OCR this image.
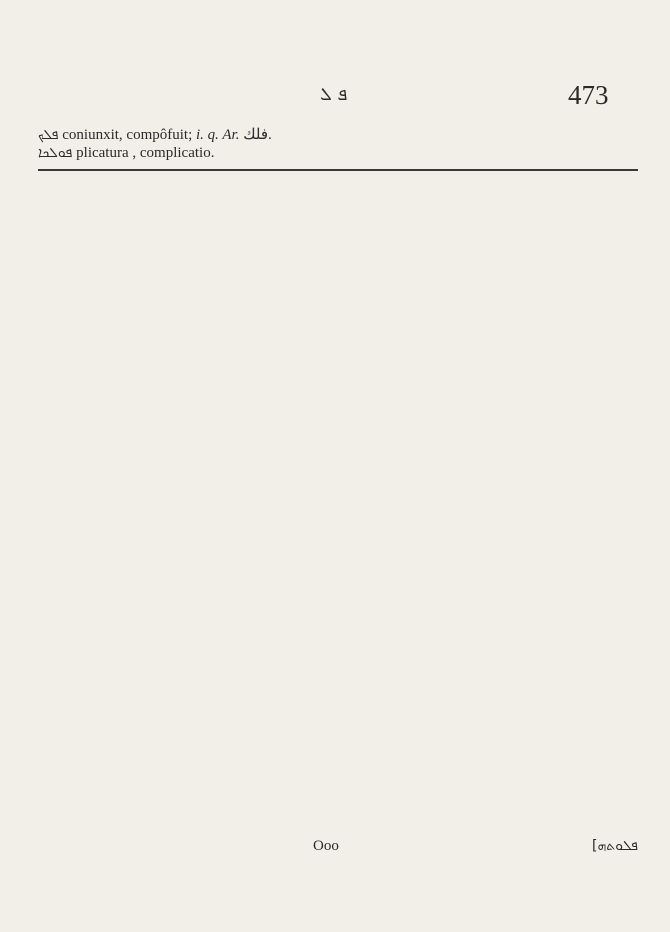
ܦ ܠ	473
ܦܠܟ coniunxit, compôfuit; i. q. Ar. فلك.
ܦܘܠܟܐ plicatura , complicatio.
Ooo	[ܦܠܘܬܗ
